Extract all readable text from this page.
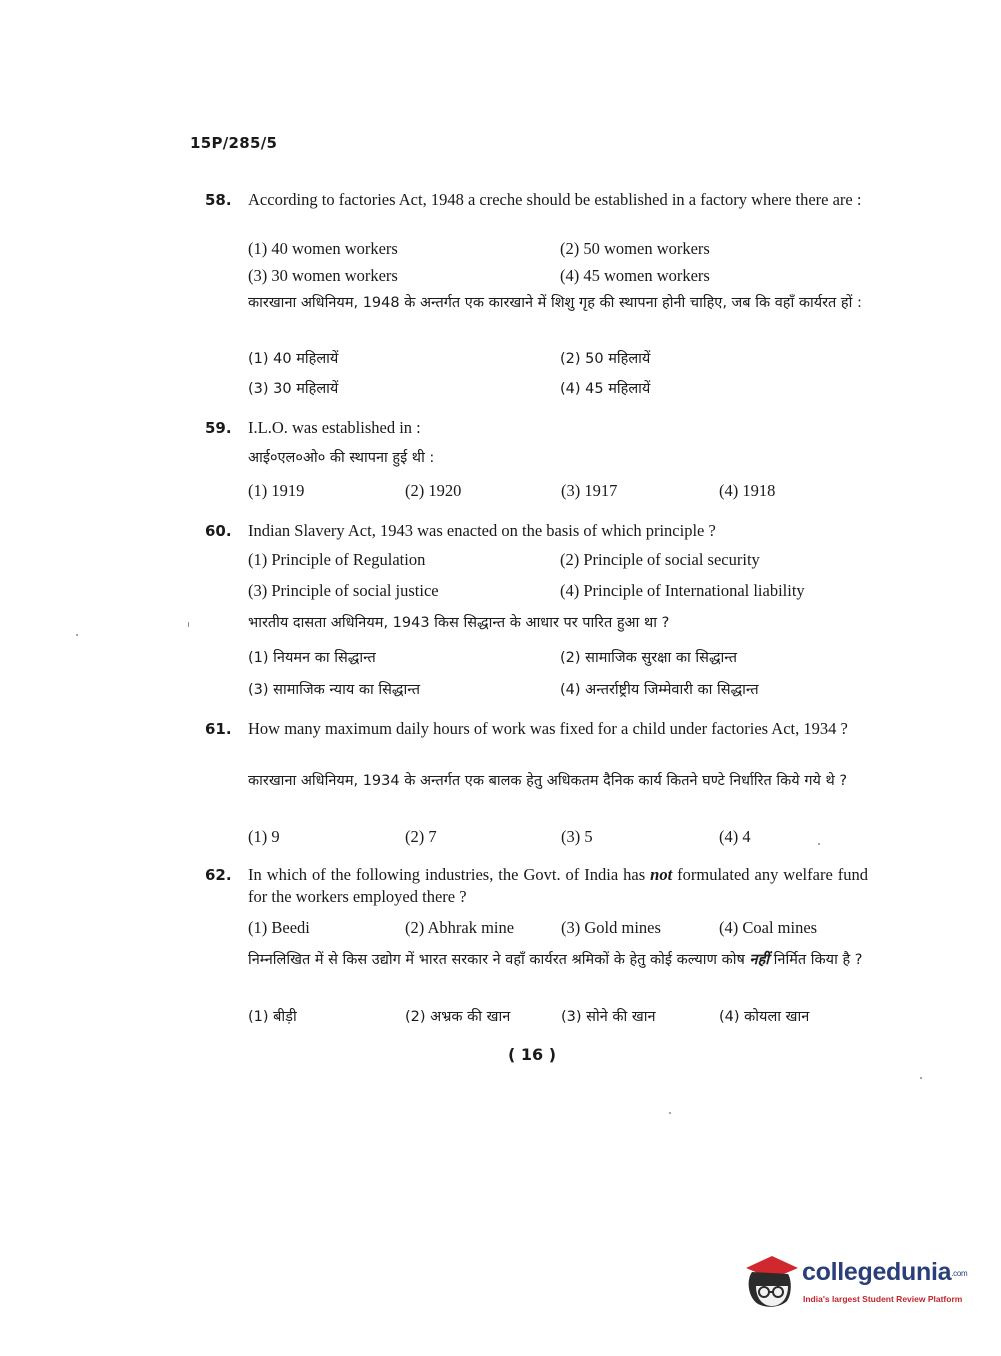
15P/285/5
58. According to factories Act, 1948 a creche should be established in a factory where there are :
(1) 40 women workers	(2) 50 women workers
(3) 30 women workers	(4) 45 women workers
कारखाना अधिनियम, 1948 के अन्तर्गत एक कारखाने में शिशु गृह की स्थापना होनी चाहिए, जब कि वहाँ कार्यरत हों :
(1) 40 महिलायें	(2) 50 महिलायें
(3) 30 महिलायें	(4) 45 महिलायें
59. I.L.O. was established in :
आई०एल०ओ० की स्थापना हुई थी :
(1) 1919	(2) 1920	(3) 1917	(4) 1918
60. Indian Slavery Act, 1943 was enacted on the basis of which principle ?
(1) Principle of Regulation	(2) Principle of social security
(3) Principle of social justice	(4) Principle of International liability
भारतीय दासता अधिनियम, 1943 किस सिद्धान्त के आधार पर पारित हुआ था ?
(1) नियमन का सिद्धान्त	(2) सामाजिक सुरक्षा का सिद्धान्त
(3) सामाजिक न्याय का सिद्धान्त	(4) अन्तर्राष्ट्रीय जिम्मेवारी का सिद्धान्त
61. How many maximum daily hours of work was fixed for a child under factories Act, 1934 ?
कारखाना अधिनियम, 1934 के अन्तर्गत एक बालक हेतु अधिकतम दैनिक कार्य कितने घण्टे निर्धारित किये गये थे ?
(1) 9	(2) 7	(3) 5	(4) 4
62. In which of the following industries, the Govt. of India has not formulated any welfare fund for the workers employed there ?
(1) Beedi	(2) Abhrak mine	(3) Gold mines	(4) Coal mines
निम्नलिखित में से किस उद्योग में भारत सरकार ने वहाँ कार्यरत श्रमिकों के हेतु कोई कल्याण कोष नहीं निर्मित किया है ?
(1) बीड़ी	(2) अभ्रक की खान	(3) सोने की खान	(4) कोयला खान
( 16 )
collegedunia.com
India's largest Student Review Platform
